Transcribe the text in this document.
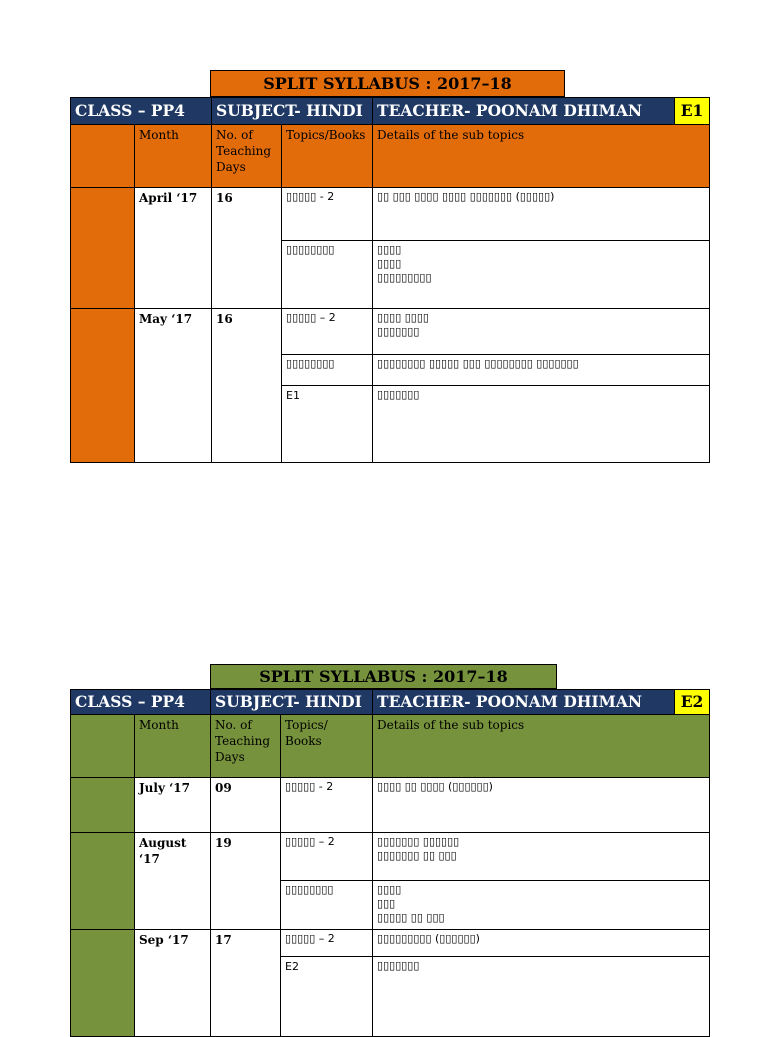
SPLIT SYLLABUS : 2017–18
CLASS – PP4		SUBJECT- HINDI		TEACHER- POONAM DHIMAN	E1
	Month	No. of Teaching Days	Topics/Books	Details of the sub topics	
	April ‘17	16	▯▯▯▯▯ - 2	▯▯ ▯▯▯ ▯▯▯▯ ▯▯▯▯ ▯▯▯▯▯▯▯ (▯▯▯▯▯)	
			▯▯▯▯▯▯▯▯	▯▯▯▯
▯▯▯▯
▯▯▯▯▯▯▯▯▯	
	May ‘17	16	▯▯▯▯▯ – 2	▯▯▯▯ ▯▯▯▯
▯▯▯▯▯▯▯	
			▯▯▯▯▯▯▯▯	▯▯▯▯▯▯▯▯ ▯▯▯▯▯ ▯▯▯ ▯▯▯▯▯▯▯▯ ▯▯▯▯▯▯▯	
			E1	▯▯▯▯▯▯▯	
SPLIT SYLLABUS : 2017–18
CLASS – PP4		SUBJECT- HINDI		TEACHER- POONAM DHIMAN	E2
	Month	No. of Teaching Days	Topics/ Books	Details of the sub topics	
	July ‘17	09	▯▯▯▯▯ - 2	▯▯▯▯ ▯▯ ▯▯▯▯ (▯▯▯▯▯▯)	
	August ‘17	19	▯▯▯▯▯ – 2	▯▯▯▯▯▯▯ ▯▯▯▯▯▯
▯▯▯▯▯▯▯ ▯▯ ▯▯▯	
			▯▯▯▯▯▯▯▯	▯▯▯▯
▯▯▯
▯▯▯▯▯ ▯▯ ▯▯▯	
	Sep ‘17	17	▯▯▯▯▯ – 2	▯▯▯▯▯▯▯▯▯ (▯▯▯▯▯▯)	
			E2	▯▯▯▯▯▯▯	
